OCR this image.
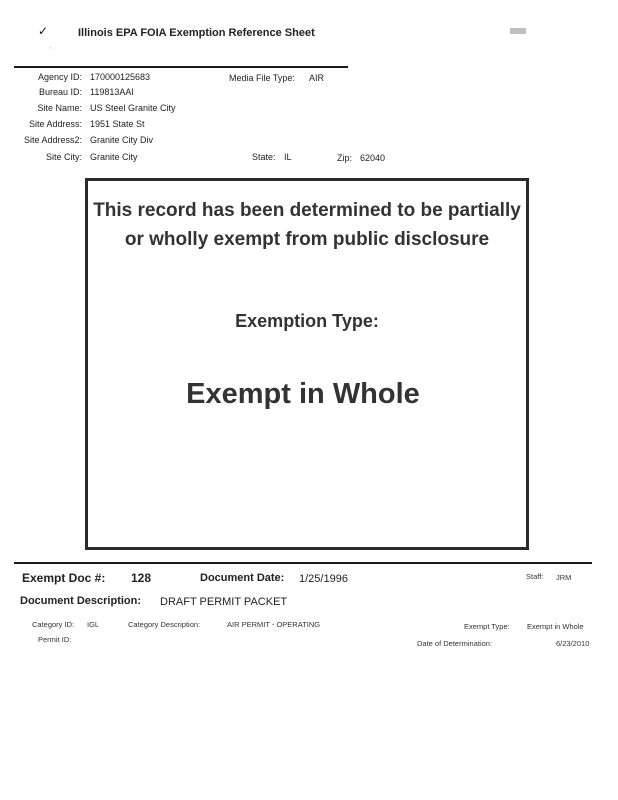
✓	Illinois EPA FOIA Exemption Reference Sheet
,
Agency ID: 170000125683	Media File Type: AIR
Bureau ID: 119813AAI
Site Name: US Steel Granite City
Site Address: 1951 State St
Site Address2: Granite City Div
Site City: Granite City	State: IL	Zip: 62040
This record has been determined to be partially or wholly exempt from public disclosure
Exemption Type:
Exempt in Whole
Exempt Doc #: 128	Document Date: 1/25/1996	Staff: JRM
Document Description: DRAFT PERMIT PACKET
Category ID: IGL	Category Description:	AIR PERMIT - OPERATING	Exempt Type: Exempt in Whole
Permit ID:	Date of Determination:	6/23/2010
